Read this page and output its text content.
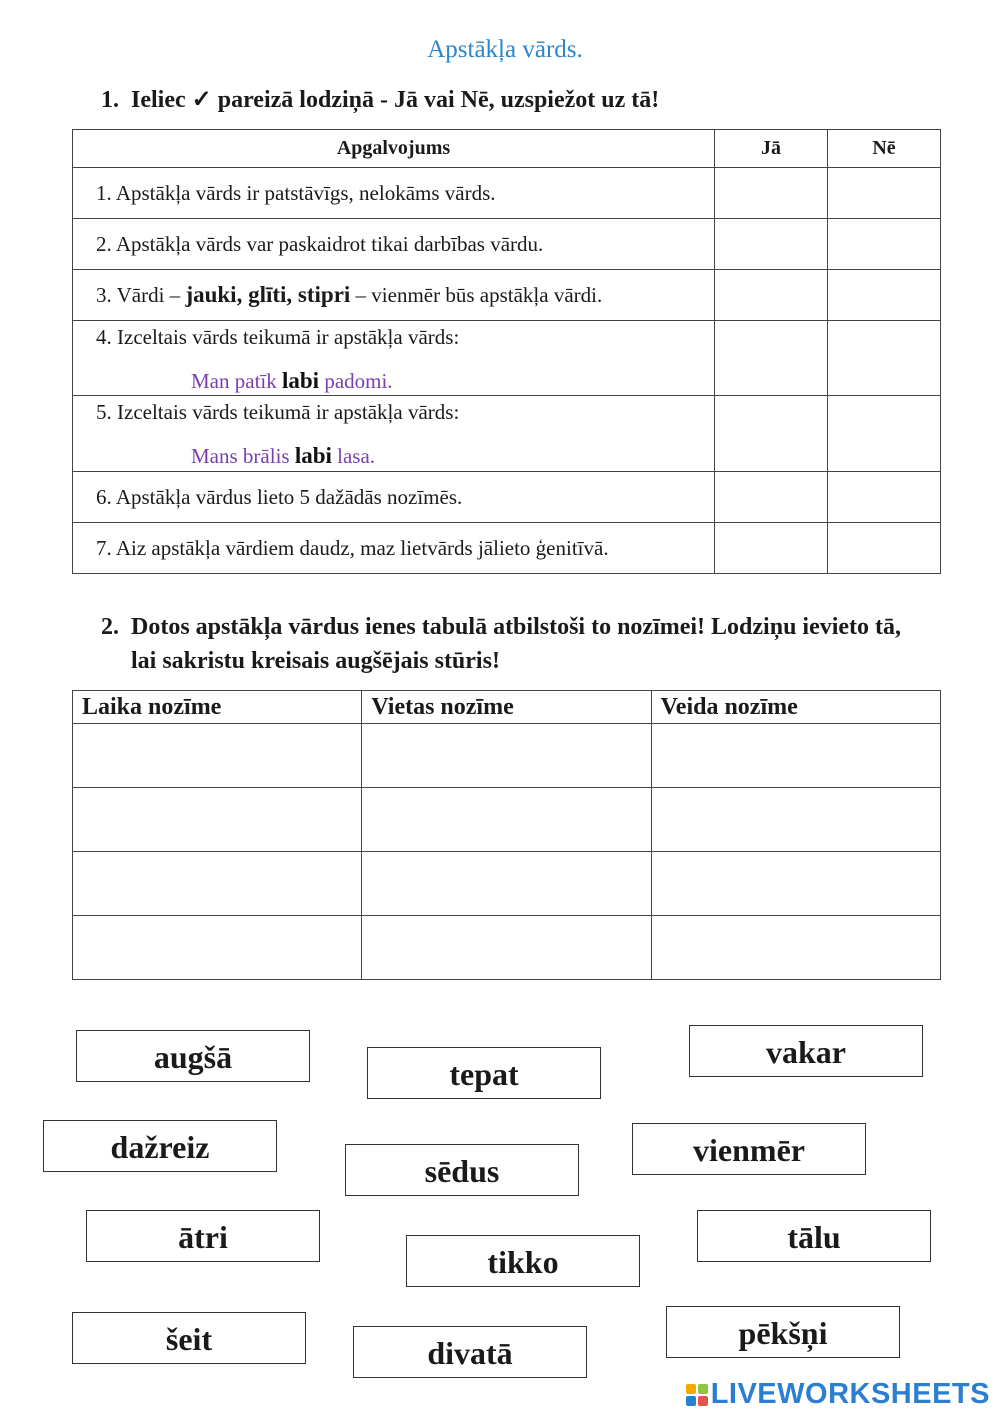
Apstākļa vārds.
1. Ieliec ✓ pareizā lodziņā - Jā vai Nē, uzspiežot uz tā!
Apgalvojums	Jā	Nē
1. Apstākļa vārds ir patstāvīgs, nelokāms vārds.		
2. Apstākļa vārds var paskaidrot tikai darbības vārdu.		
3. Vārdi – jauki, glīti, stipri – vienmēr būs apstākļa vārdi.		
4. Izceltais vārds teikumā ir apstākļa vārds:
Man patīk labi padomi.		

5. Izceltais vārds teikumā ir apstākļa vārds:
Mans brālis labi lasa.		

6. Apstākļa vārdus lieto 5 dažādās nozīmēs.		
7. Aiz apstākļa vārdiem daudz, maz lietvārds jālieto ģenitīvā.		
2. Dotos apstākļa vārdus ienes tabulā atbilstoši to nozīmei! Lodziņu ievieto tā, lai sakristu kreisais augšējais stūris!
Laika nozīme	Vietas nozīme	Veida nozīme

augšā	tepat
vakar
dažreiz
sēdus
vienmēr
ātri
tikko
tālu
šeit	divatā
pēkšņi
LIVEWORKSHEETS
